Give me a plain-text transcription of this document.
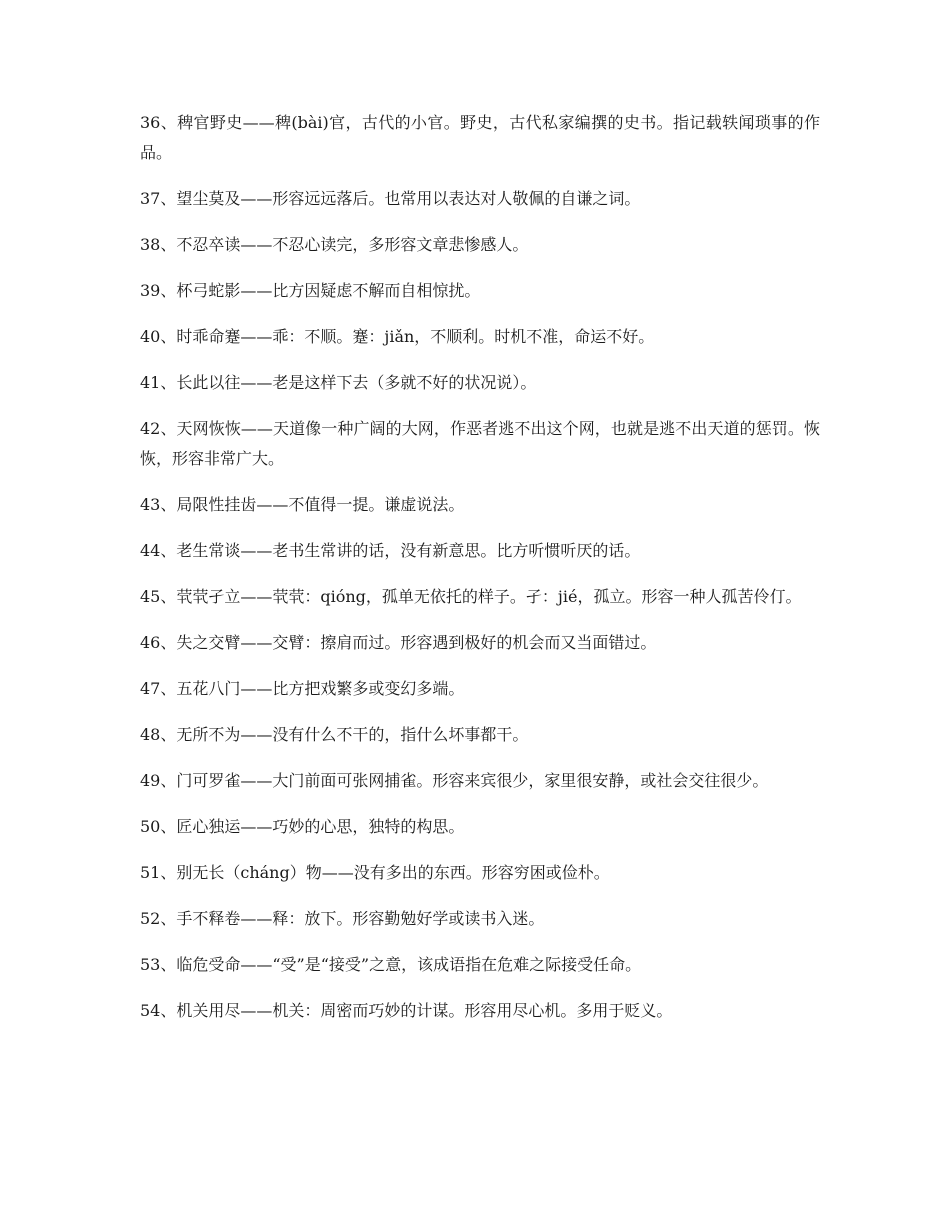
36、稗官野史——稗(bài)官，古代的小官。野史，古代私家编撰的史书。指记载轶闻琐事的作品。

37、望尘莫及——形容远远落后。也常用以表达对人敬佩的自谦之词。

38、不忍卒读——不忍心读完，多形容文章悲惨感人。

39、杯弓蛇影——比方因疑虑不解而自相惊扰。

40、时乖命蹇——乖：不顺。蹇：jiǎn，不顺利。时机不准，命运不好。

41、长此以往——老是这样下去（多就不好的状况说）。

42、天网恢恢——天道像一种广阔的大网，作恶者逃不出这个网，也就是逃不出天道的惩罚。恢恢，形容非常广大。

43、局限性挂齿——不值得一提。谦虚说法。

44、老生常谈——老书生常讲的话，没有新意思。比方听惯听厌的话。

45、茕茕孑立——茕茕：qióng，孤单无依托的样子。孑：jié，孤立。形容一种人孤苦伶仃。

46、失之交臂——交臂：擦肩而过。形容遇到极好的机会而又当面错过。

47、五花八门——比方把戏繁多或变幻多端。

48、无所不为——没有什么不干的，指什么坏事都干。

49、门可罗雀——大门前面可张网捕雀。形容来宾很少，家里很安静，或社会交往很少。

50、匠心独运——巧妙的心思，独特的构思。

51、别无长（cháng）物——没有多出的东西。形容穷困或俭朴。

52、手不释卷——释：放下。形容勤勉好学或读书入迷。

53、临危受命——“受”是“接受”之意，该成语指在危难之际接受任命。

54、机关用尽——机关：周密而巧妙的计谋。形容用尽心机。多用于贬义。
